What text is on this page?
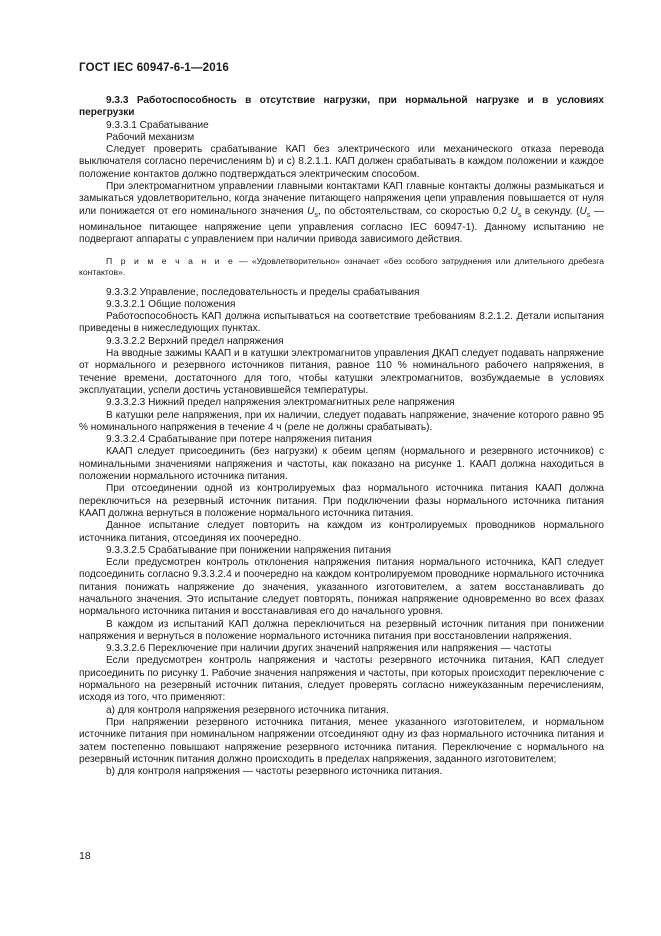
ГОСТ IEC 60947-6-1—2016

9.3.3 Работоспособность в отсутствие нагрузки, при нормальной нагрузке и в условиях перегрузки

9.3.3.1 Срабатывание

Рабочий механизм

Следует проверить срабатывание КАП без электрического или механического отказа перевода выключателя согласно перечислениям b) и c) 8.2.1.1. КАП должен срабатывать в каждом положении и каждое положение контактов должно подтверждаться электрическим способом.

При электромагнитном управлении главными контактами КАП главные контакты должны размыкаться и замыкаться удовлетворительно, когда значение питающего напряжения цепи управления повышается от нуля или понижается от его номинального значения $U_s$, по обстоятельствам, со скоростью 0,2 $U_s$ в секунду. ($U_s$ — номинальное питающее напряжение цепи управления согласно IEC 60947-1). Данному испытанию не подвергают аппараты с управлением при наличии привода зависимого действия.

П р и м е ч а н и е — «Удовлетворительно» означает «без особого затруднения или длительного дребезга контактов».

9.3.3.2 Управление, последовательность и пределы срабатывания

9.3.3.2.1 Общие положения

Работоспособность КАП должна испытываться на соответствие требованиям 8.2.1.2. Детали испытания приведены в нижеследующих пунктах.

9.3.3.2.2 Верхний предел напряжения

На вводные зажимы КААП и в катушки электромагнитов управления ДКАП следует подавать напряжение от нормального и резервного источников питания, равное 110 % номинального рабочего напряжения, в течение времени, достаточного для того, чтобы катушки электромагнитов, возбуждаемые в условиях эксплуатации, успели достичь установившейся температуры.

9.3.3.2.3 Нижний предел напряжения электромагнитных реле напряжения

В катушки реле напряжения, при их наличии, следует подавать напряжение, значение которого равно 95 % номинального напряжения в течение 4 ч (реле не должны срабатывать).

9.3.3.2.4 Срабатывание при потере напряжения питания

КААП следует присоединить (без нагрузки) к обеим цепям (нормального и резервного источников) с номинальными значениями напряжения и частоты, как показано на рисунке 1. КААП должна находиться в положении нормального источника питания.

При отсоединении одной из контролируемых фаз нормального источника питания КААП должна переключиться на резервный источник питания. При подключении фазы нормального источника питания КААП должна вернуться в положение нормального источника питания.

Данное испытание следует повторить на каждом из контролируемых проводников нормального источника питания, отсоединяя их поочередно.

9.3.3.2.5 Срабатывание при понижении напряжения питания

Если предусмотрен контроль отклонения напряжения питания нормального источника, КАП следует подсоединить согласно 9.3.3.2.4 и поочередно на каждом контролируемом проводнике нормального источника питания понижать напряжение до значения, указанного изготовителем, а затем восстанавливать до начального значения. Это испытание следует повторять, понижая напряжение одновременно во всех фазах нормального источника питания и восстанавливая его до начального уровня.

В каждом из испытаний КАП должна переключиться на резервный источник питания при понижении напряжения и вернуться в положение нормального источника питания при восстановлении напряжения.

9.3.3.2.6 Переключение при наличии других значений напряжения или напряжения — частоты

Если предусмотрен контроль напряжения и частоты резервного источника питания, КАП следует присоединить по рисунку 1. Рабочие значения напряжения и частоты, при которых происходит переключение с нормального на резервный источник питания, следует проверять согласно нижеуказанным перечислениям, исходя из того, что применяют:

a) для контроля напряжения резервного источника питания.

При напряжении резервного источника питания, менее указанного изготовителем, и нормальном источнике питания при номинальном напряжении отсоединяют одну из фаз нормального источника питания и затем постепенно повышают напряжение резервного источника питания. Переключение с нормального на резервный источник питания должно происходить в пределах напряжения, заданного изготовителем;

b) для контроля напряжения — частоты резервного источника питания.

18
